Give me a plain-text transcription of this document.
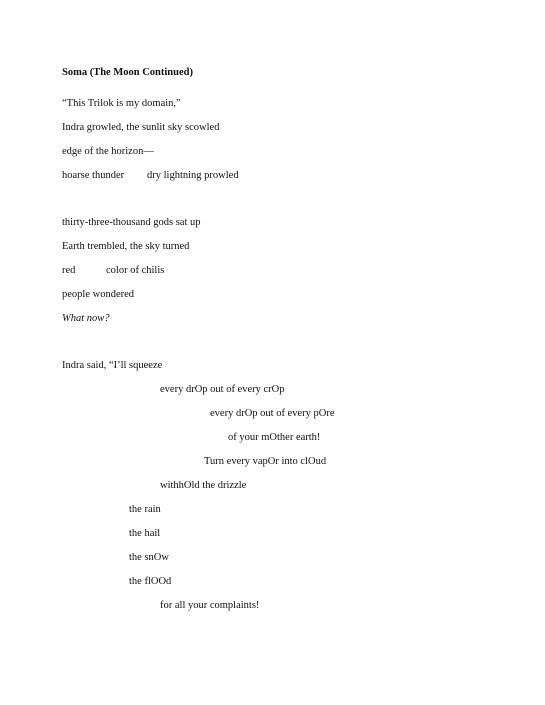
Soma (The Moon Continued)
“This Trilok is my domain,”
Indra growled, the sunlit sky scowled
edge of the horizon—
hoarse thunder dry lightning prowled
thirty-three-thousand gods sat up
Earth trembled, the sky turned
red	color of chilis
people wondered
What now?
Indra said, “I’ll squeeze
every drOp out of every crOp
every drOp out of every pOre
of your mOther earth!
Turn every vapOr into clOud
withhOld the drizzle
the rain
the hail
the snOw
the flOOd
for all your complaints!
